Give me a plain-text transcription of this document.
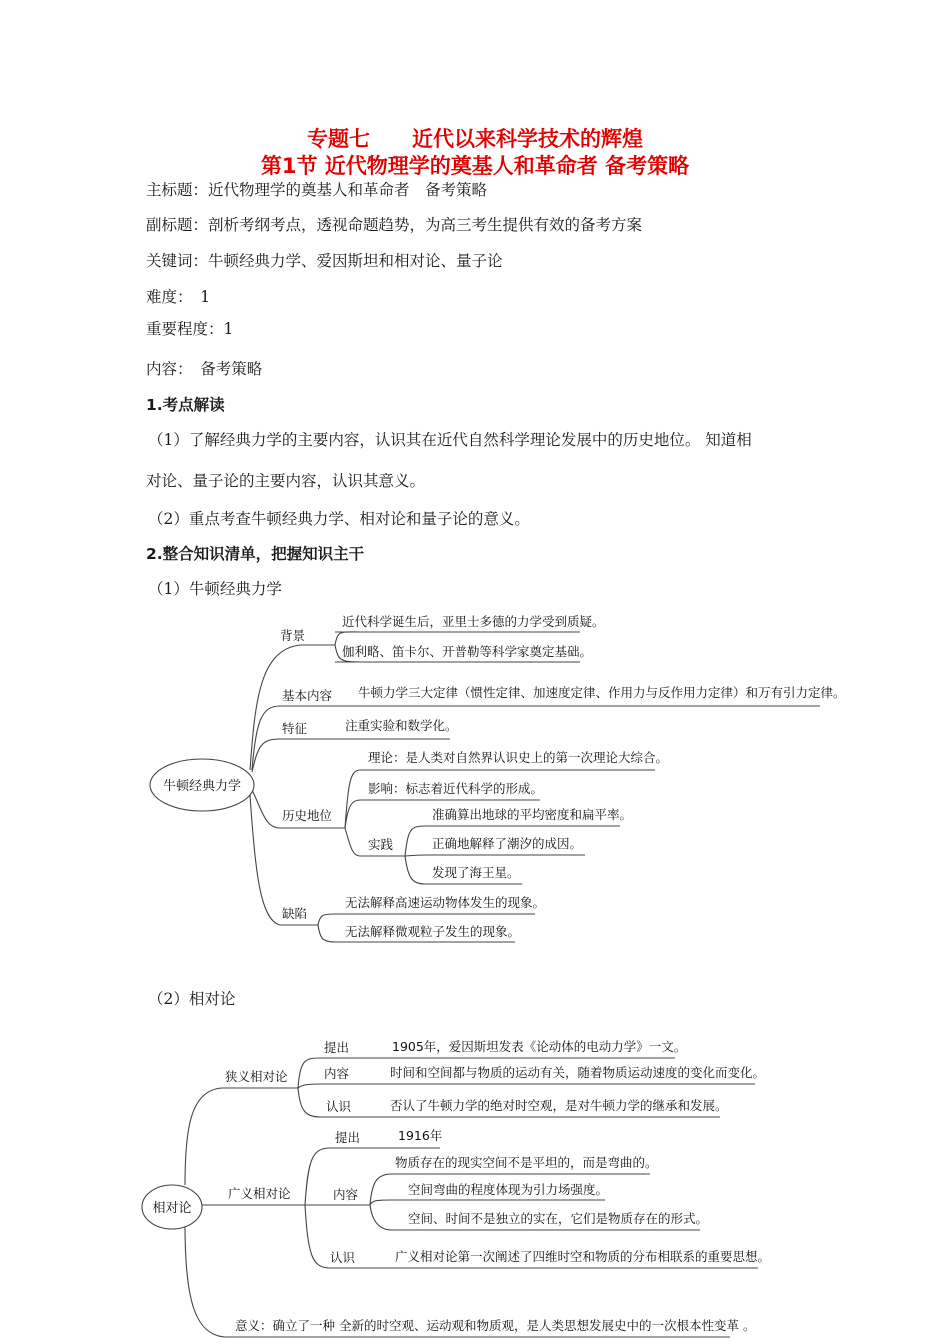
专题七　　近代以来科学技术的辉煌
第1节 近代物理学的奠基人和革命者 备考策略
主标题：近代物理学的奠基人和革命者　备考策略
副标题：剖析考纲考点，透视命题趋势，为高三考生提供有效的备考方案
关键词：牛顿经典力学、爱因斯坦和相对论、量子论
难度：　1
重要程度：1
内容：　备考策略
1.考点解读
（1）了解经典力学的主要内容，认识其在近代自然科学理论发展中的历史地位。 知道相
对论、量子论的主要内容，认识其意义。
（2）重点考查牛顿经典力学、相对论和量子论的意义。
2.整合知识清单，把握知识主干
（1）牛顿经典力学
（2）相对论
牛顿经典力学
背景
近代科学诞生后，亚里士多德的力学受到质疑。
伽利略、笛卡尔、开普勒等科学家奠定基础。
基本内容 牛顿力学三大定律（惯性定律、加速度定律、作用力与反作用力定律）和万有引力定律。
特征	注重实验和数学化。
历史地位
理论：是人类对自然界认识史上的第一次理论大综合。
影响：标志着近代科学的形成。
实践
准确算出地球的平均密度和扁平率。
正确地解释了潮汐的成因。
发现了海王星。
缺陷
无法解释高速运动物体发生的现象。
无法解释微观粒子发生的现象。
相对论
狭义相对论
提出	1905年，爱因斯坦发表《论动体的电动力学》一文。
内容	时间和空间都与物质的运动有关，随着物质运动速度的变化而变化。
认识	否认了牛顿力学的绝对时空观，是对牛顿力学的继承和发展。
广义相对论
提出	1916年
内容
物质存在的现实空间不是平坦的，而是弯曲的。
空间弯曲的程度体现为引力场强度。
空间、时间不是独立的实在，它们是物质存在的形式。
认识	广义相对论第一次阐述了四维时空和物质的分布相联系的重要思想。
意义：确立了一种 全新的时空观、运动观和物质观，是人类思想发展史中的一次根本性变革 。
